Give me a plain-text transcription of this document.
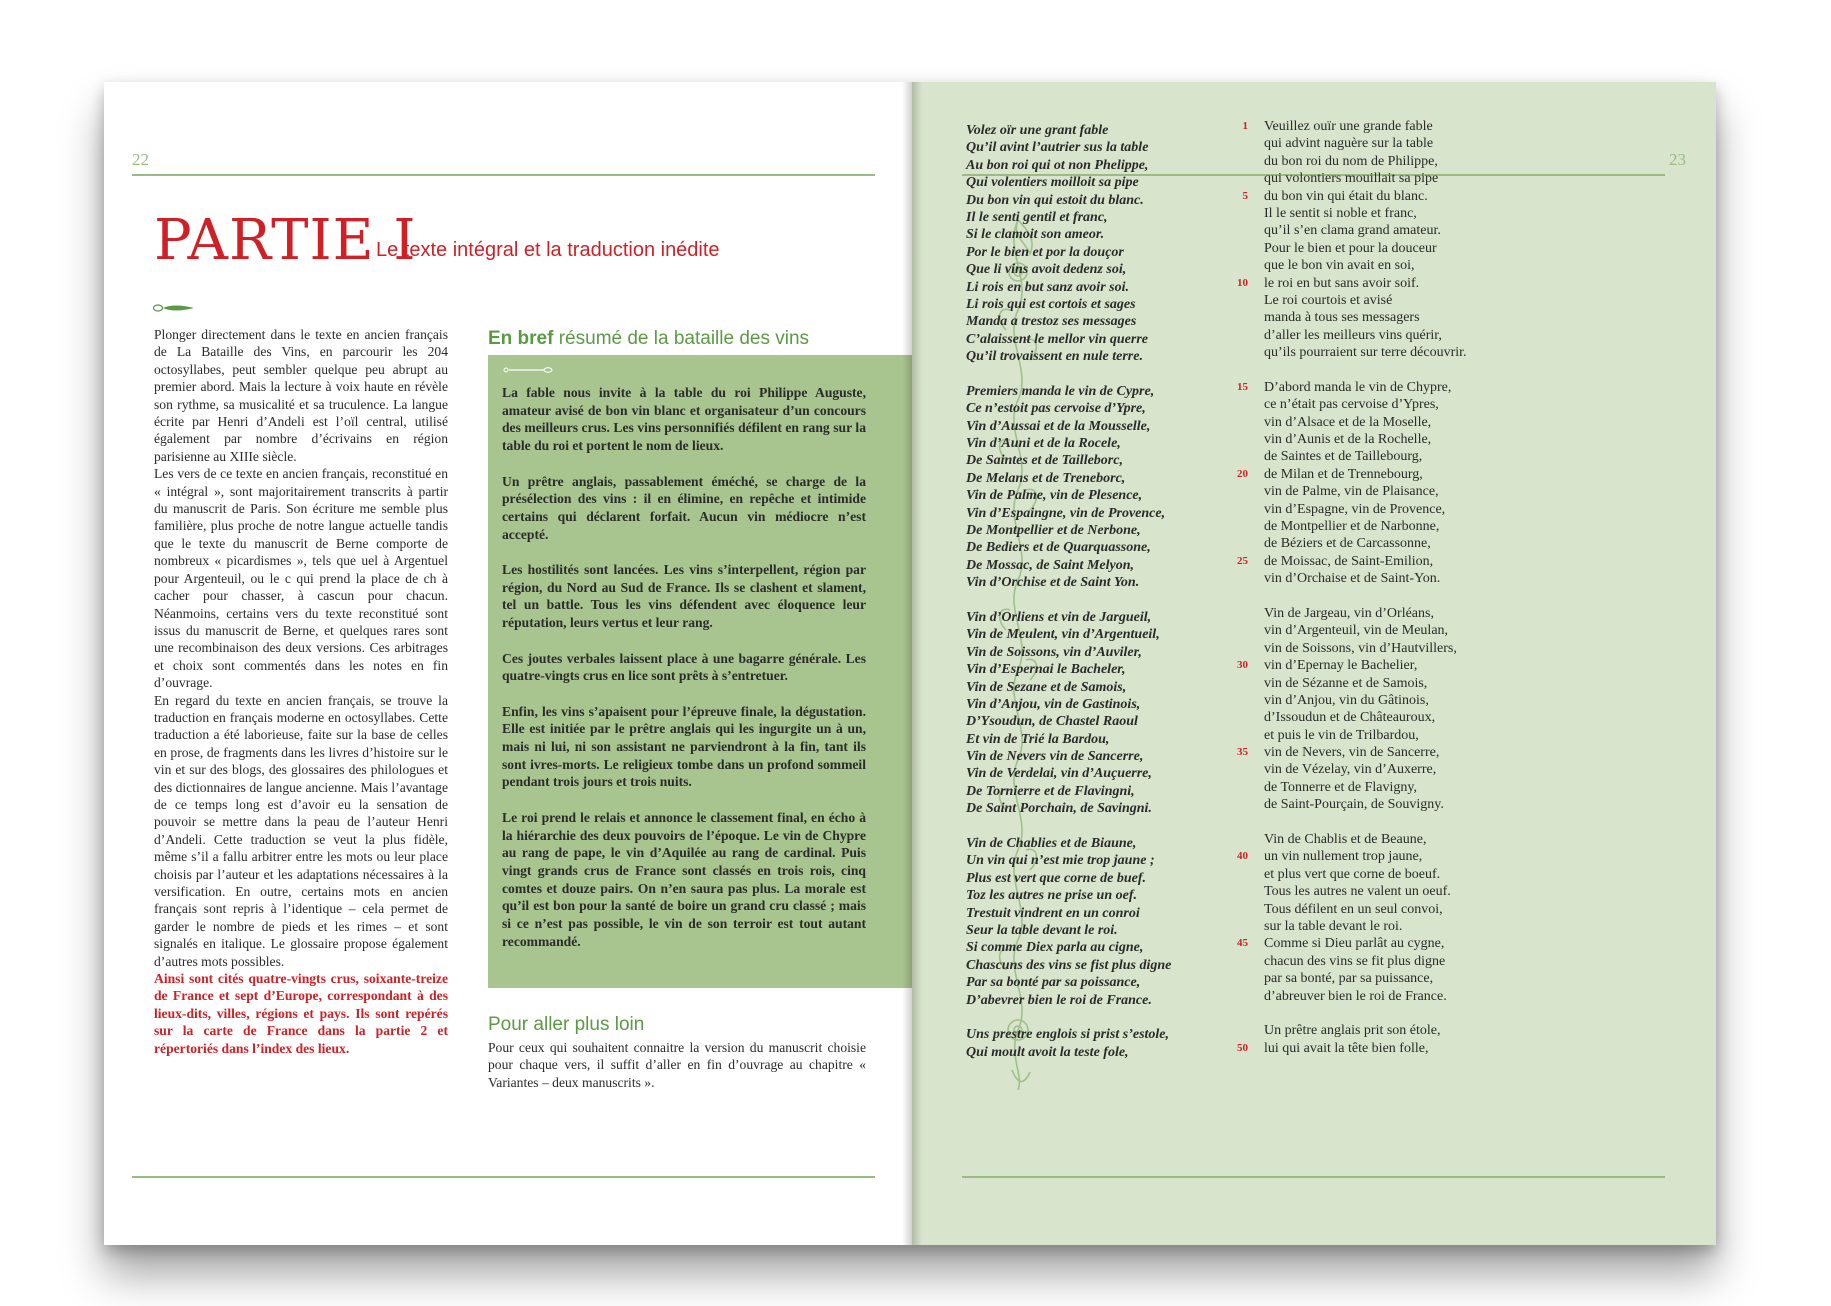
22
PARTIE I
Le texte intégral et la traduction inédite

Plonger directement dans le texte en ancien français de La Bataille des Vins, en parcourir les 204 octosyllabes, peut sembler quelque peu abrupt au premier abord. Mais la lecture à voix haute en révèle son rythme, sa musicalité et sa truculence. La langue écrite par Henri d’Andeli est l’oïl central, utilisé également par nombre d’écrivains en région parisienne au XIIIe siècle.

Les vers de ce texte en ancien français, reconstitué en « intégral », sont majoritairement transcrits à partir du manuscrit de Paris. Son écriture me semble plus familière, plus proche de notre langue actuelle tandis que le texte du manuscrit de Berne comporte de nombreux « picardismes », tels que uel à Argentuel pour Argenteuil, ou le c qui prend la place de ch à cacher pour chasser, à cascun pour chacun. Néanmoins, certains vers du texte reconstitué sont issus du manuscrit de Berne, et quelques rares sont une recombinaison des deux versions. Ces arbitrages et choix sont commentés dans les notes en fin d’ouvrage.

En regard du texte en ancien français, se trouve la traduction en français moderne en octosyllabes. Cette traduction a été laborieuse, faite sur la base de celles en prose, de fragments dans les livres d’histoire sur le vin et sur des blogs, des glossaires des philologues et des dictionnaires de langue ancienne. Mais l’avantage de ce temps long est d’avoir eu la sensation de pouvoir se mettre dans la peau de l’auteur Henri d’Andeli. Cette traduction se veut la plus fidèle, même s’il a fallu arbitrer entre les mots ou leur place choisis par l’auteur et les adaptations nécessaires à la versification. En outre, certains mots en ancien français sont repris à l’identique – cela permet de garder le nombre de pieds et les rimes – et sont signalés en italique. Le glossaire propose également d’autres mots possibles.

Ainsi sont cités quatre-vingts crus, soixante-treize de France et sept d’Europe, correspondant à des lieux-dits, villes, régions et pays. Ils sont repérés sur la carte de France dans la partie 2 et répertoriés dans l’index des lieux.

En bref résumé de la bataille des vins

La fable nous invite à la table du roi Philippe Auguste, amateur avisé de bon vin blanc et organisateur d’un concours des meilleurs crus. Les vins personnifiés défilent en rang sur la table du roi et portent le nom de lieux.

Un prêtre anglais, passablement éméché, se charge de la présélection des vins : il en élimine, en repêche et intimide certains qui déclarent forfait. Aucun vin médiocre n’est accepté.

Les hostilités sont lancées. Les vins s’interpellent, région par région, du Nord au Sud de France. Ils se clashent et slament, tel un battle. Tous les vins défendent avec éloquence leur réputation, leurs vertus et leur rang.

Ces joutes verbales laissent place à une bagarre générale. Les quatre-vingts crus en lice sont prêts à s’entretuer.

Enfin, les vins s’apaisent pour l’épreuve finale, la dégustation. Elle est initiée par le prêtre anglais qui les ingurgite un à un, mais ni lui, ni son assistant ne parviendront à la fin, tant ils sont ivres-morts. Le religieux tombe dans un profond sommeil pendant trois jours et trois nuits.

Le roi prend le relais et annonce le classement final, en écho à la hiérarchie des deux pouvoirs de l’époque. Le vin de Chypre au rang de pape, le vin d’Aquilée au rang de cardinal. Puis vingt grands crus de France sont classés en trois rois, cinq comtes et douze pairs. On n’en saura pas plus. La morale est qu’il est bon pour la santé de boire un grand cru classé ; mais si ce n’est pas possible, le vin de son terroir est tout autant recommandé.

Pour aller plus loin
Pour ceux qui souhaitent connaitre la version du manuscrit choisie pour chaque vers, il suffit d’aller en fin d’ouvrage au chapitre « Variantes – deux manuscrits ».
23
Volez oïr une grant fable
Qu’il avint l’autrier sus la table
Au bon roi qui ot non Phelippe,
Qui volentiers moilloit sa pipe
Du bon vin qui estoit du blanc.
Il le senti gentil et franc,
Si le clamoit son ameor.
Por le bien et por la douçor
Que li vins avoit dedenz soi,
Li rois en but sanz avoir soi.
Li rois qui est cortois et sages
Manda a trestoz ses messages
C’alaissent le mellor vin querre
Qu’il trovaissent en nule terre.
Premiers manda le vin de Cypre,
Ce n’estoit pas cervoise d’Ypre,
Vin d’Aussai et de la Mousselle,
Vin d’Auni et de la Rocele,
De Saintes et de Tailleborc,
De Melans et de Treneborc,
Vin de Palme, vin de Plesence,
Vin d’Espaingne, vin de Provence,
De Montpellier et de Nerbone,
De Bediers et de Quarquassone,
De Mossac, de Saint Melyon,
Vin d’Orchise et de Saint Yon.
Vin d’Orliens et vin de Jargueil,
Vin de Meulent, vin d’Argentueil,
Vin de Soissons, vin d’Auviler,
Vin d’Espernai le Bacheler,
Vin de Sezane et de Samois,
Vin d’Anjou, vin de Gastinois,
D’Ysoudun, de Chastel Raoul
Et vin de Trié la Bardou,
Vin de Nevers vin de Sancerre,
Vin de Verdelai, vin d’Auçuerre,
De Tornierre et de Flavingni,
De Saint Porchain, de Savingni.
Vin de Chablies et de Biaune,
Un vin qui n’est mie trop jaune ;
Plus est vert que corne de buef.
Toz les autres ne prise un oef.
Trestuit vindrent en un conroi
Seur la table devant le roi.
Si comme Diex parla au cigne,
Chascuns des vins se fist plus digne
Par sa bonté par sa poissance,
D’abevrer bien le roi de France.
Uns prestre englois si prist s’estole,
Qui moult avoit la teste fole,
1 Veuillez ouïr une grande fable
qui advint naguère sur la table
du bon roi du nom de Philippe,
qui volontiers mouillait sa pipe
5 du bon vin qui était du blanc.
Il le sentit si noble et franc,
qu’il s’en clama grand amateur.
Pour le bien et pour la douceur
que le bon vin avait en soi,
10 le roi en but sans avoir soif.
Le roi courtois et avisé
manda à tous ses messagers
d’aller les meilleurs vins quérir,
qu’ils pourraient sur terre découvrir.
15 D’abord manda le vin de Chypre,
ce n’était pas cervoise d’Ypres,
vin d’Alsace et de la Moselle,
vin d’Aunis et de la Rochelle,
de Saintes et de Taillebourg,
20 de Milan et de Trennebourg,
vin de Palme, vin de Plaisance,
vin d’Espagne, vin de Provence,
de Montpellier et de Narbonne,
de Béziers et de Carcassonne,
25 de Moissac, de Saint-Emilion,
vin d’Orchaise et de Saint-Yon.
Vin de Jargeau, vin d’Orléans,
vin d’Argenteuil, vin de Meulan,
vin de Soissons, vin d’Hautvillers,
30 vin d’Epernay le Bachelier,
vin de Sézanne et de Samois,
vin d’Anjou, vin du Gâtinois,
d’Issoudun et de Châteauroux,
et puis le vin de Trilbardou,
35 vin de Nevers, vin de Sancerre,
vin de Vézelay, vin d’Auxerre,
de Tonnerre et de Flavigny,
de Saint-Pourçain, de Souvigny.
Vin de Chablis et de Beaune,
40 un vin nullement trop jaune,
et plus vert que corne de boeuf.
Tous les autres ne valent un oeuf.
Tous défilent en un seul convoi,
sur la table devant le roi.
45 Comme si Dieu parlât au cygne,
chacun des vins se fit plus digne
par sa bonté, par sa puissance,
d’abreuver bien le roi de France.
Un prêtre anglais prit son étole,
50 lui qui avait la tête bien folle,
